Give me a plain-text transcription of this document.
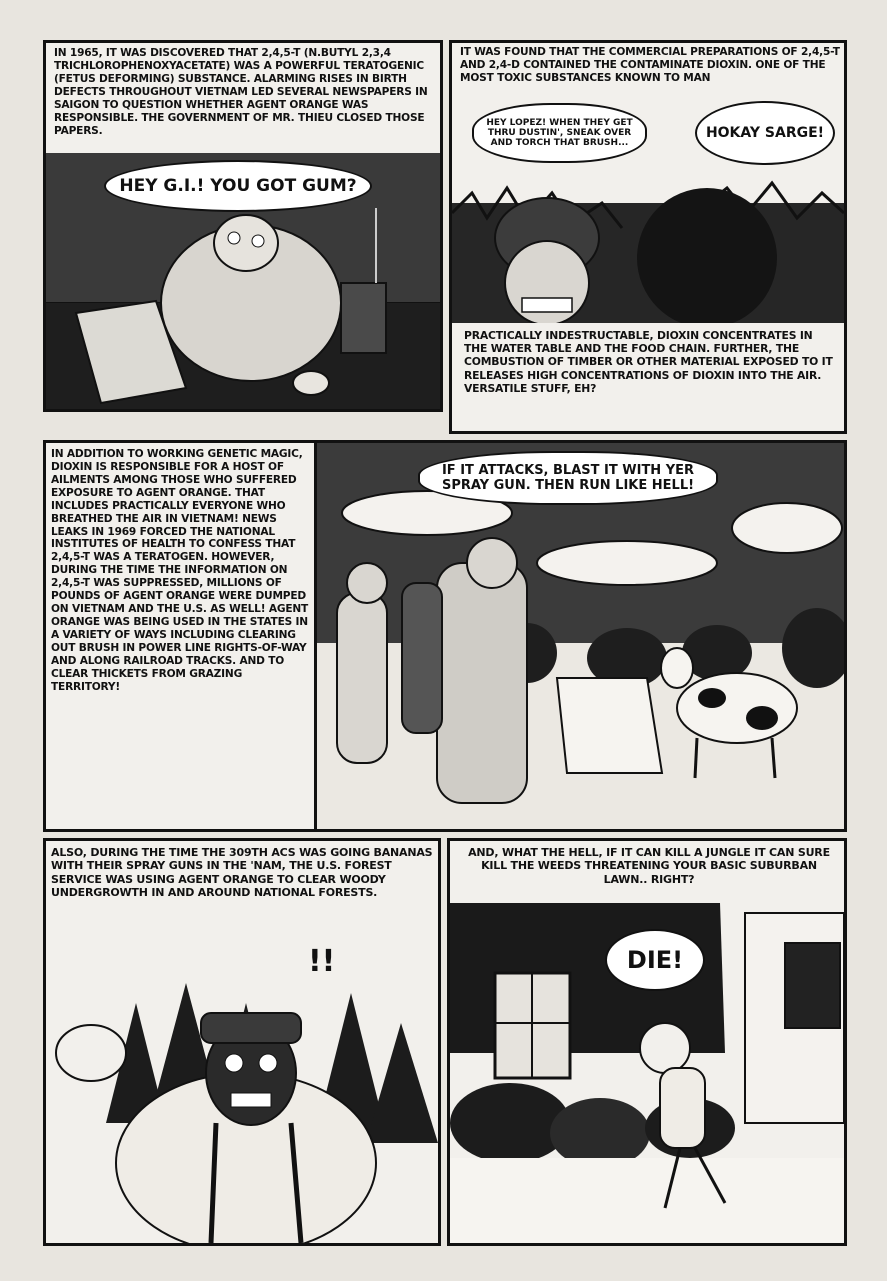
IN 1965, IT WAS DISCOVERED THAT 2,4,5-T (N.BUTYL 2,3,4 TRICHLOROPHENOXYACETATE) WAS A POWERFUL TERATOGENIC (FETUS DEFORMING) SUBSTANCE. ALARMING RISES IN BIRTH DEFECTS THROUGHOUT VIETNAM LED SEVERAL NEWSPAPERS IN SAIGON TO QUESTION WHETHER AGENT ORANGE WAS RESPONSIBLE. THE GOVERNMENT OF MR. THIEU CLOSED THOSE PAPERS.
HEY G.I.! YOU GOT GUM?
IT WAS FOUND THAT THE COMMERCIAL PREPARATIONS OF 2,4,5-T AND 2,4-D CONTAINED THE CONTAMINATE DIOXIN. ONE OF THE MOST TOXIC SUBSTANCES KNOWN TO MAN
HEY LOPEZ! WHEN THEY GET THRU DUSTIN', SNEAK OVER AND TORCH THAT BRUSH...
HOKAY SARGE!
PRACTICALLY INDESTRUCTABLE, DIOXIN CONCENTRATES IN THE WATER TABLE AND THE FOOD CHAIN. FURTHER, THE COMBUSTION OF TIMBER OR OTHER MATERIAL EXPOSED TO IT RELEASES HIGH CONCENTRATIONS OF DIOXIN INTO THE AIR. VERSATILE STUFF, EH?
IN ADDITION TO WORKING GENETIC MAGIC, DIOXIN IS RESPONSIBLE FOR A HOST OF AILMENTS AMONG THOSE WHO SUFFERED EXPOSURE TO AGENT ORANGE. THAT INCLUDES PRACTICALLY EVERYONE WHO BREATHED THE AIR IN VIETNAM! NEWS LEAKS IN 1969 FORCED THE NATIONAL INSTITUTES OF HEALTH TO CONFESS THAT 2,4,5-T WAS A TERATOGEN. HOWEVER, DURING THE TIME THE INFORMATION ON 2,4,5-T WAS SUPPRESSED, MILLIONS OF POUNDS OF AGENT ORANGE WERE DUMPED ON VIETNAM AND THE U.S. AS WELL! AGENT ORANGE WAS BEING USED IN THE STATES IN A VARIETY OF WAYS INCLUDING CLEARING OUT BRUSH IN POWER LINE RIGHTS-OF-WAY AND ALONG RAILROAD TRACKS. AND TO CLEAR THICKETS FROM GRAZING TERRITORY!
IF IT ATTACKS, BLAST IT WITH YER SPRAY GUN. THEN RUN LIKE HELL!
ALSO, DURING THE TIME THE 309TH ACS WAS GOING BANANAS WITH THEIR SPRAY GUNS IN THE 'NAM, THE U.S. FOREST SERVICE WAS USING AGENT ORANGE TO CLEAR WOODY UNDERGROWTH IN AND AROUND NATIONAL FORESTS.
!!
AND, WHAT THE HELL, IF IT CAN KILL A JUNGLE IT CAN SURE KILL THE WEEDS THREATENING YOUR BASIC SUBURBAN LAWN.. RIGHT?
DIE!
